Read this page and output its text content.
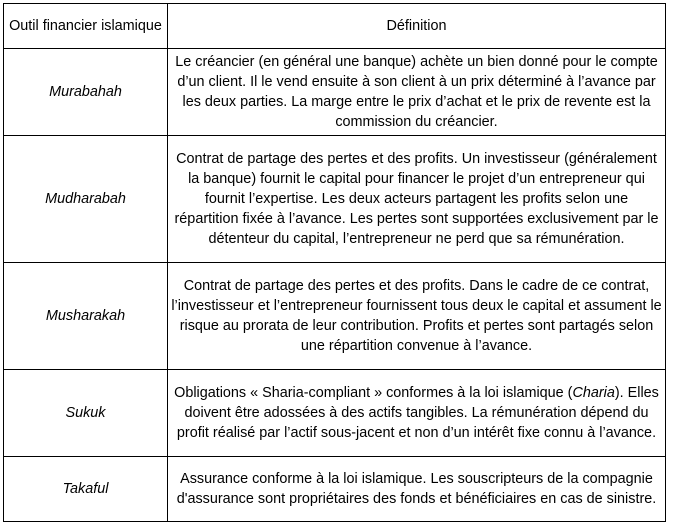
Outil financier islamique	Définition
Murabahah	Le créancier (en général une banque) achète un bien donné pour le compte d’un client. Il le vend ensuite à son client à un prix déterminé à l’avance par les deux parties. La marge entre le prix d’achat et le prix de revente est la commission du créancier.
Mudharabah	Contrat de partage des pertes et des profits. Un investisseur (généralement la banque) fournit le capital pour financer le projet d’un entrepreneur qui fournit l’expertise. Les deux acteurs partagent les profits selon une répartition fixée à l’avance. Les pertes sont supportées exclusivement par le détenteur du capital, l’entrepreneur ne perd que sa rémunération.
Musharakah	Contrat de partage des pertes et des profits. Dans le cadre de ce contrat, l’investisseur et l’entrepreneur fournissent tous deux le capital et assument le risque au prorata de leur contribution. Profits et pertes sont partagés selon une répartition convenue à l’avance.
Sukuk	Obligations « Sharia-compliant » conformes à la loi islamique (Charia). Elles doivent être adossées à des actifs tangibles. La rémunération dépend du profit réalisé par l’actif sous-jacent et non d’un intérêt fixe connu à l’avance.
Takaful	Assurance conforme à la loi islamique. Les souscripteurs de la compagnie d'assurance sont propriétaires des fonds et bénéficiaires en cas de sinistre.
